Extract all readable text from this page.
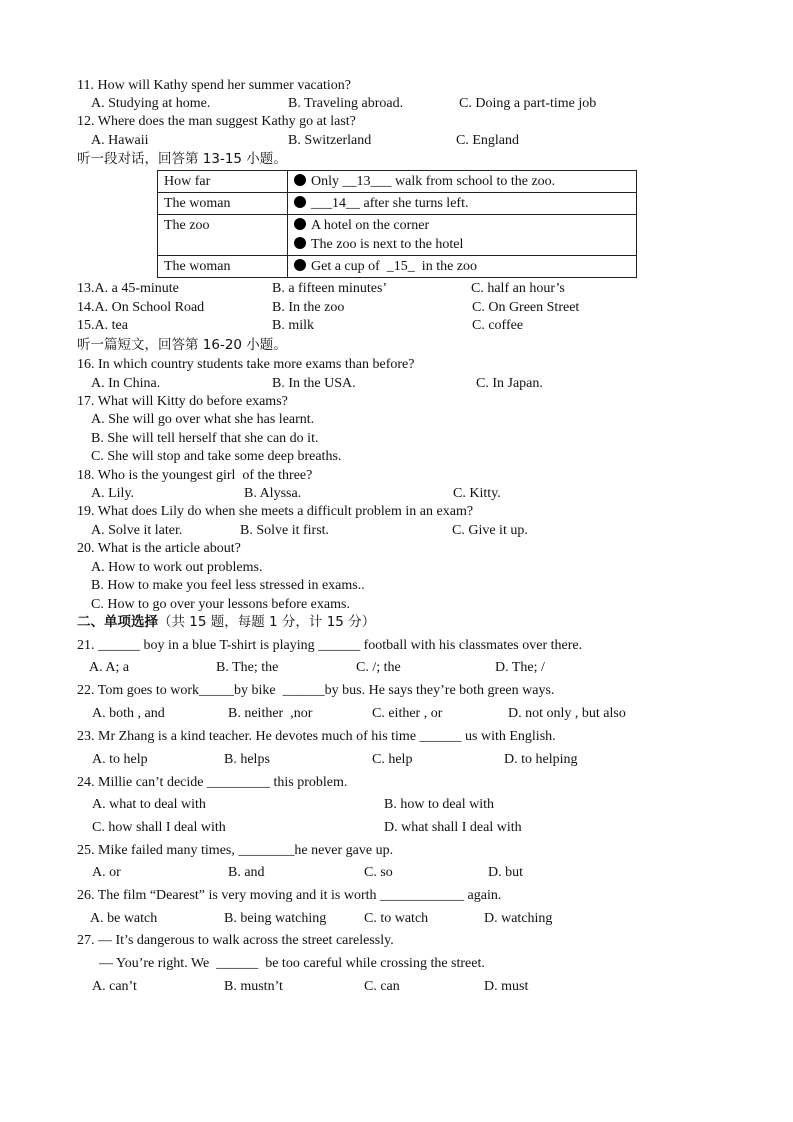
11. How will Kathy spend her summer vacation?
A. Studying at home.	B. Traveling abroad.	C. Doing a part-time job
12. Where does the man suggest Kathy go at last?
A. Hawaii	B. Switzerland	C. England
听一段对话，回答第 13-15 小题。
How far	Only __13___ walk from school to the zoo.
The woman	___14__ after she turns left.
The zoo	A hotel on the corner
The zoo is next to the hotel
The woman	Get a cup of  _15_  in the zoo
13.A. a 45-minute	B. a fifteen minutes’	C. half an hour’s
14.A. On School Road	B. In the zoo	C. On Green Street
15.A. tea	B. milk	C. coffee
听一篇短文，回答第 16-20 小题。
16. In which country students take more exams than before?
A. In China.	B. In the USA.	C. In Japan.
17. What will Kitty do before exams?
A. She will go over what she has learnt.
B. She will tell herself that she can do it.
C. She will stop and take some deep breaths.
18. Who is the youngest girl  of the three?
A. Lily.	B. Alyssa.	C. Kitty.
19. What does Lily do when she meets a difficult problem in an exam?
A. Solve it later.	B. Solve it first.	C. Give it up.
20. What is the article about?
A. How to work out problems.
B. How to make you feel less stressed in exams..
C. How to go over your lessons before exams.
二、单项选择（共 15 题，每题 1 分，计 15 分）
21. ______ boy in a blue T-shirt is playing ______ football with his classmates over there.
A. A; a	B. The; the	C. /; the	D. The; /
22. Tom goes to work_____by bike  ______by bus. He says they’re both green ways.
A. both , and	B. neither  ,nor	C. either , or	D. not only , but also
23. Mr Zhang is a kind teacher. He devotes much of his time ______ us with English.
A. to help	B. helps	C. help	D. to helping
24. Millie can’t decide _________ this problem.
A. what to deal with	B. how to deal with
C. how shall I deal with	D. what shall I deal with
25. Mike failed many times, ________he never gave up.
A. or	B. and	C. so	D. but
26. The film “Dearest” is very moving and it is worth ____________ again.
A. be watch	B. being watching	C. to watch	D. watching
27. — It’s dangerous to walk across the street carelessly.
— You’re right. We  ______  be too careful while crossing the street.
A. can’t	B. mustn’t	C. can	D. must
